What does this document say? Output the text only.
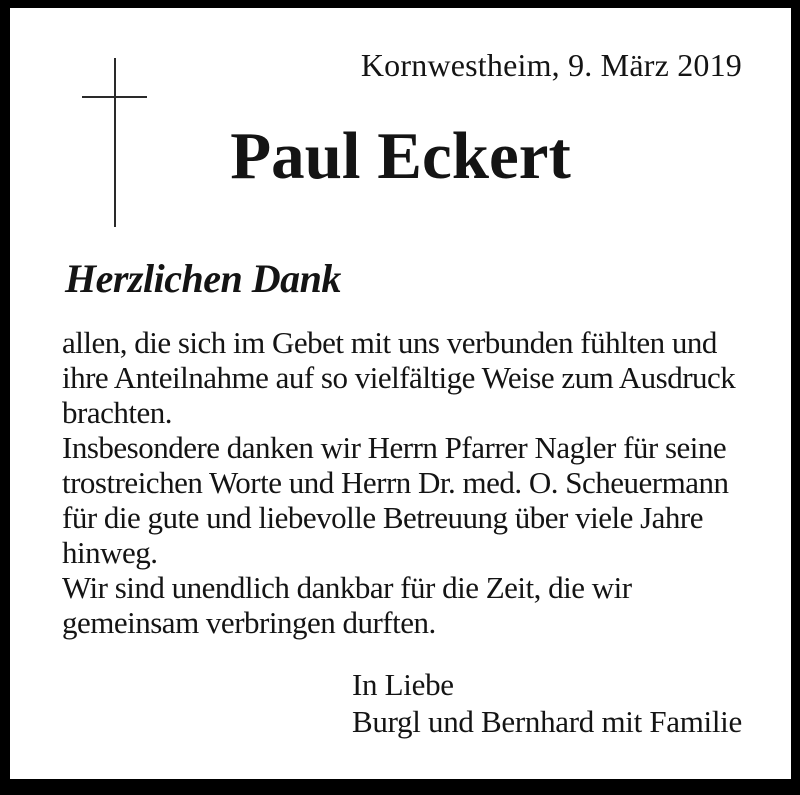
Kornwestheim, 9. März 2019
Paul Eckert
Herzlichen Dank
allen, die sich im Gebet mit uns verbunden fühlten und
ihre Anteilnahme auf so vielfältige Weise zum Ausdruck
brachten.
Insbesondere danken wir Herrn Pfarrer Nagler für seine
trostreichen Worte und Herrn Dr. med. O. Scheuermann
für die gute und liebevolle Betreuung über viele Jahre
hinweg.
Wir sind unendlich dankbar für die Zeit, die wir
gemeinsam verbringen durften.
In Liebe
Burgl und Bernhard mit Familie
